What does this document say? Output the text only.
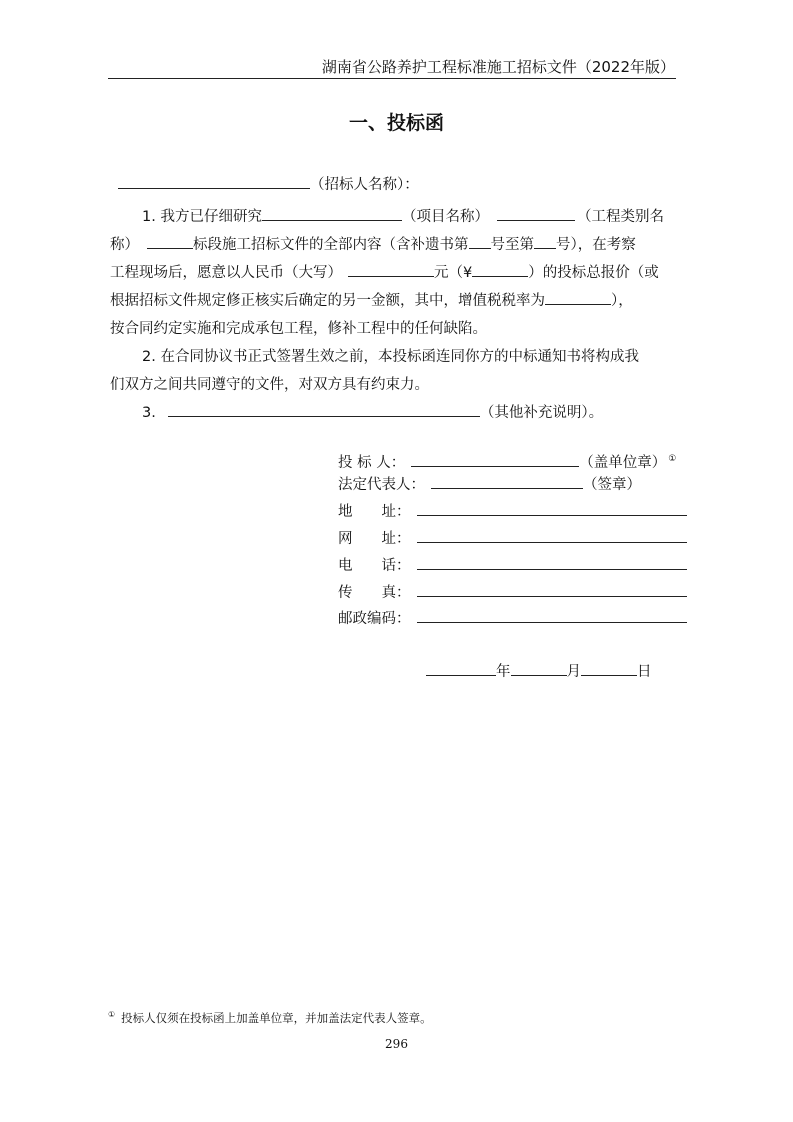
湖南省公路养护工程标准施工招标文件（2022年版）
一、投标函
（招标人名称）：
1. 我方已仔细研究	（项目名称）	（工程类别名
称）	标段施工招标文件的全部内容（含补遗书第 号至第 号），在考察
工程现场后，愿意以人民币（大写）	元（¥	）的投标总报价（或
根据招标文件规定修正核实后确定的另一金额，其中，增值税税率为	），
按合同约定实施和完成承包工程，修补工程中的任何缺陷。
2. 在合同协议书正式签署生效之前，本投标函连同你方的中标通知书将构成我
们双方之间共同遵守的文件，对双方具有约束力。
3.	（其他补充说明）。
投 标 人：	（盖单位章） ①
法定代表人：	（签章）
地　　址：
网　　址：
电　　话：
传　　真：
邮政编码：
年	月	日
① 投标人仅须在投标函上加盖单位章，并加盖法定代表人签章。
296
